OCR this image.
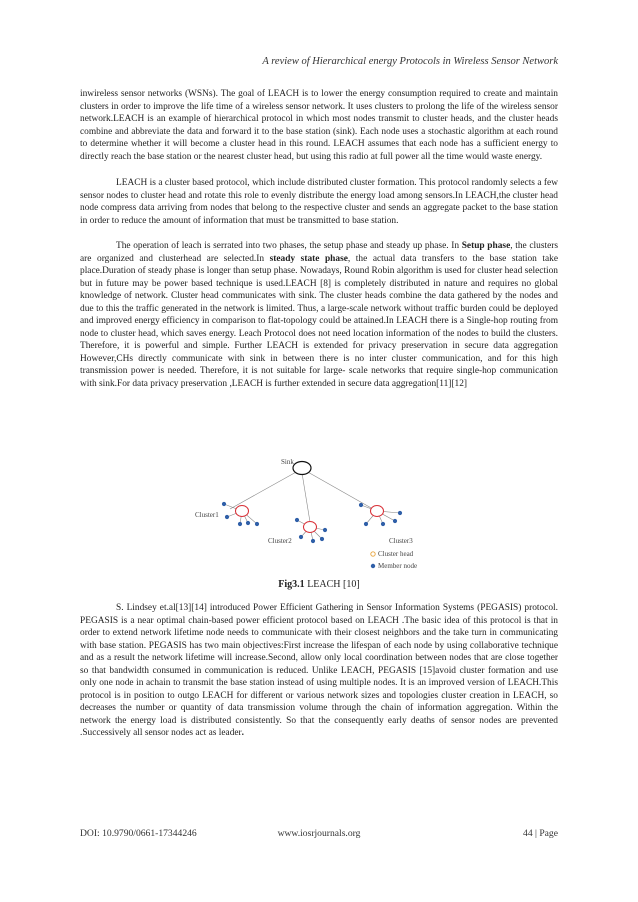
A review of Hierarchical energy Protocols in Wireless Sensor Network

inwireless sensor networks (WSNs). The goal of LEACH is to lower the energy consumption required to create and maintain clusters in order to improve the life time of a wireless sensor network. It uses clusters to prolong the life of the wireless sensor network.LEACH is an example of hierarchical protocol in which most nodes transmit to cluster heads, and the cluster heads combine and abbreviate the data and forward it to the base station (sink). Each node uses a stochastic algorithm at each round to determine whether it will become a cluster head in this round. LEACH assumes that each node has a sufficient energy to directly reach the base station or the nearest cluster head, but using this radio at full power all the time would waste energy.

LEACH is a cluster based protocol, which include distributed cluster formation. This protocol randomly selects a few sensor nodes to cluster head and rotate this role to evenly distribute the energy load among sensors.In LEACH,the cluster head node compress data arriving from nodes that belong to the respective cluster and sends an aggregate packet to the base station in order to reduce the amount of information that must be transmitted to base station.

The operation of leach is serrated into two phases, the setup phase and steady up phase. In Setup phase, the clusters are organized and clusterhead are selected.In steady state phase, the actual data transfers to the base station take place.Duration of steady phase is longer than setup phase. Nowadays, Round Robin algorithm is used for cluster head selection but in future may be power based technique is used.LEACH [8] is completely distributed in nature and requires no global knowledge of network. Cluster head communicates with sink. The cluster heads combine the data gathered by the nodes and due to this the traffic generated in the network is limited. Thus, a large-scale network without traffic burden could be deployed and improved energy efficiency in comparison to flat-topology could be attained.In LEACH there is a Single-hop routing from node to cluster head, which saves energy. Leach Protocol does not need location information of the nodes to build the clusters. Therefore, it is powerful and simple. Further LEACH is extended for privacy preservation in secure data aggregation However,CHs directly communicate with sink in between there is no inter cluster communication, and for this high transmission power is needed. Therefore, it is not suitable for large- scale networks that require single-hop communication with sink.For data privacy preservation ,LEACH is further extended in secure data aggregation[11][12]

Sink
Cluster1
Cluster2	Cluster3
Cluster head
Member node
Fig3.1 LEACH [10]

S. Lindsey et.al[13][14] introduced Power Efficient Gathering in Sensor Information Systems (PEGASIS) protocol. PEGASIS is a near optimal chain-based power efficient protocol based on LEACH .The basic idea of this protocol is that in order to extend network lifetime node needs to communicate with their closest neighbors and the take turn in communicating with base station. PEGASIS has two main objectives:First increase the lifespan of each node by using collaborative technique and as a result the network lifetime will increase.Second, allow only local coordination between nodes that are close together so that bandwidth consumed in communication is reduced. Unlike LEACH, PEGASIS [15]avoid cluster formation and use only one node in achain to transmit the base station instead of using multiple nodes. It is an improved version of LEACH.This protocol is in position to outgo LEACH for different or various network sizes and topologies cluster creation in LEACH, so decreases the number or quantity of data transmission volume through the chain of information aggregation. Within the network the energy load is distributed consistently. So that the consequently early deaths of sensor nodes are prevented .Successively all sensor nodes act as leader.

DOI: 10.9790/0661-17344246	www.iosrjournals.org	44 | Page
